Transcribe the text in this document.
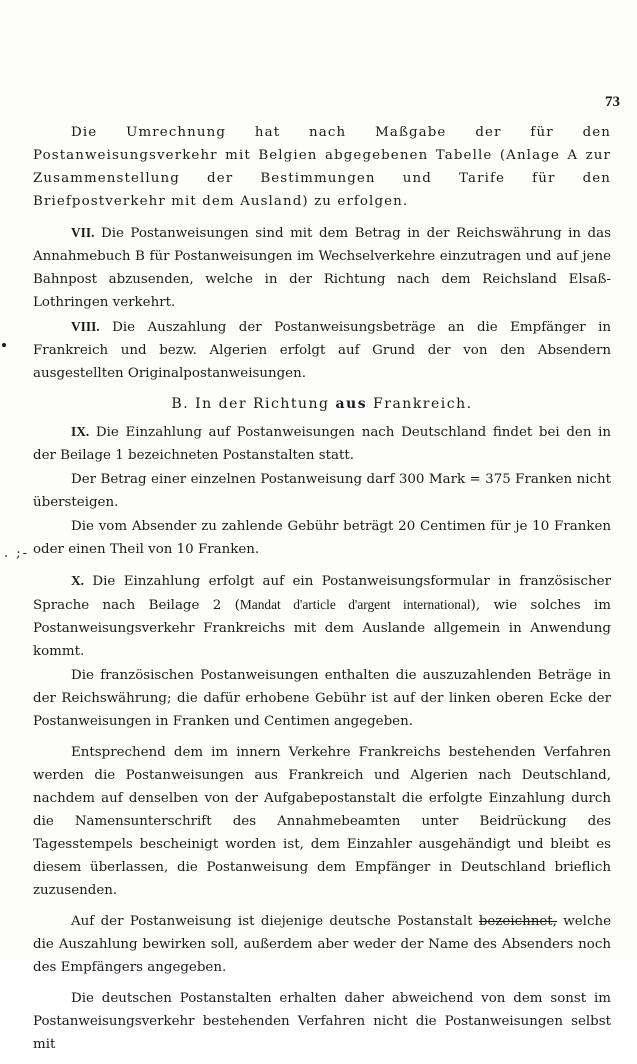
73
. ;-

Die Umrechnung hat nach Maßgabe der für den Postanweisungsverkehr mit Belgien abgegebenen Tabelle (Anlage A zur Zusammenstellung der Bestimmungen und Tarife für den Briefpostverkehr mit dem Ausland) zu erfolgen.

VII. Die Postanweisungen sind mit dem Betrag in der Reichswährung in das Annahmebuch B für Postanweisungen im Wechselverkehre einzutragen und auf jene Bahnpost abzusenden, welche in der Richtung nach dem Reichsland Elsaß-Lothringen verkehrt.

VIII. Die Auszahlung der Postanweisungsbeträge an die Empfänger in Frankreich und bezw. Algerien erfolgt auf Grund der von den Absendern ausgestellten Originalpostanweisungen.

B. In der Richtung aus Frankreich.

IX. Die Einzahlung auf Postanweisungen nach Deutschland findet bei den in der Beilage 1 bezeichneten Postanstalten statt.

Der Betrag einer einzelnen Postanweisung darf 300 Mark = 375 Franken nicht übersteigen.

Die vom Absender zu zahlende Gebühr beträgt 20 Centimen für je 10 Franken oder einen Theil von 10 Franken.

X. Die Einzahlung erfolgt auf ein Postanweisungsformular in französischer Sprache nach Beilage 2 (Mandat d'article d'argent international), wie solches im Postanweisungsverkehr Frankreichs mit dem Auslande allgemein in Anwendung kommt.

Die französischen Postanweisungen enthalten die auszuzahlenden Beträge in der Reichswährung; die dafür erhobene Gebühr ist auf der linken oberen Ecke der Postanweisungen in Franken und Centimen angegeben.

Entsprechend dem im innern Verkehre Frankreichs bestehenden Verfahren werden die Postanweisungen aus Frankreich und Algerien nach Deutschland, nachdem auf denselben von der Aufgabepostanstalt die erfolgte Einzahlung durch die Namensunterschrift des Annahmebeamten unter Beidrückung des Tagesstempels bescheinigt worden ist, dem Einzahler ausgehändigt und bleibt es diesem überlassen, die Postanweisung dem Empfänger in Deutschland brieflich zuzusenden.

Auf der Postanweisung ist diejenige deutsche Postanstalt bezeichnet, welche die Auszahlung bewirken soll, außerdem aber weder der Name des Absenders noch des Empfängers angegeben.

Die deutschen Postanstalten erhalten daher abweichend von dem sonst im Postanweisungsverkehr bestehenden Verfahren nicht die Postanweisungen selbst mit
